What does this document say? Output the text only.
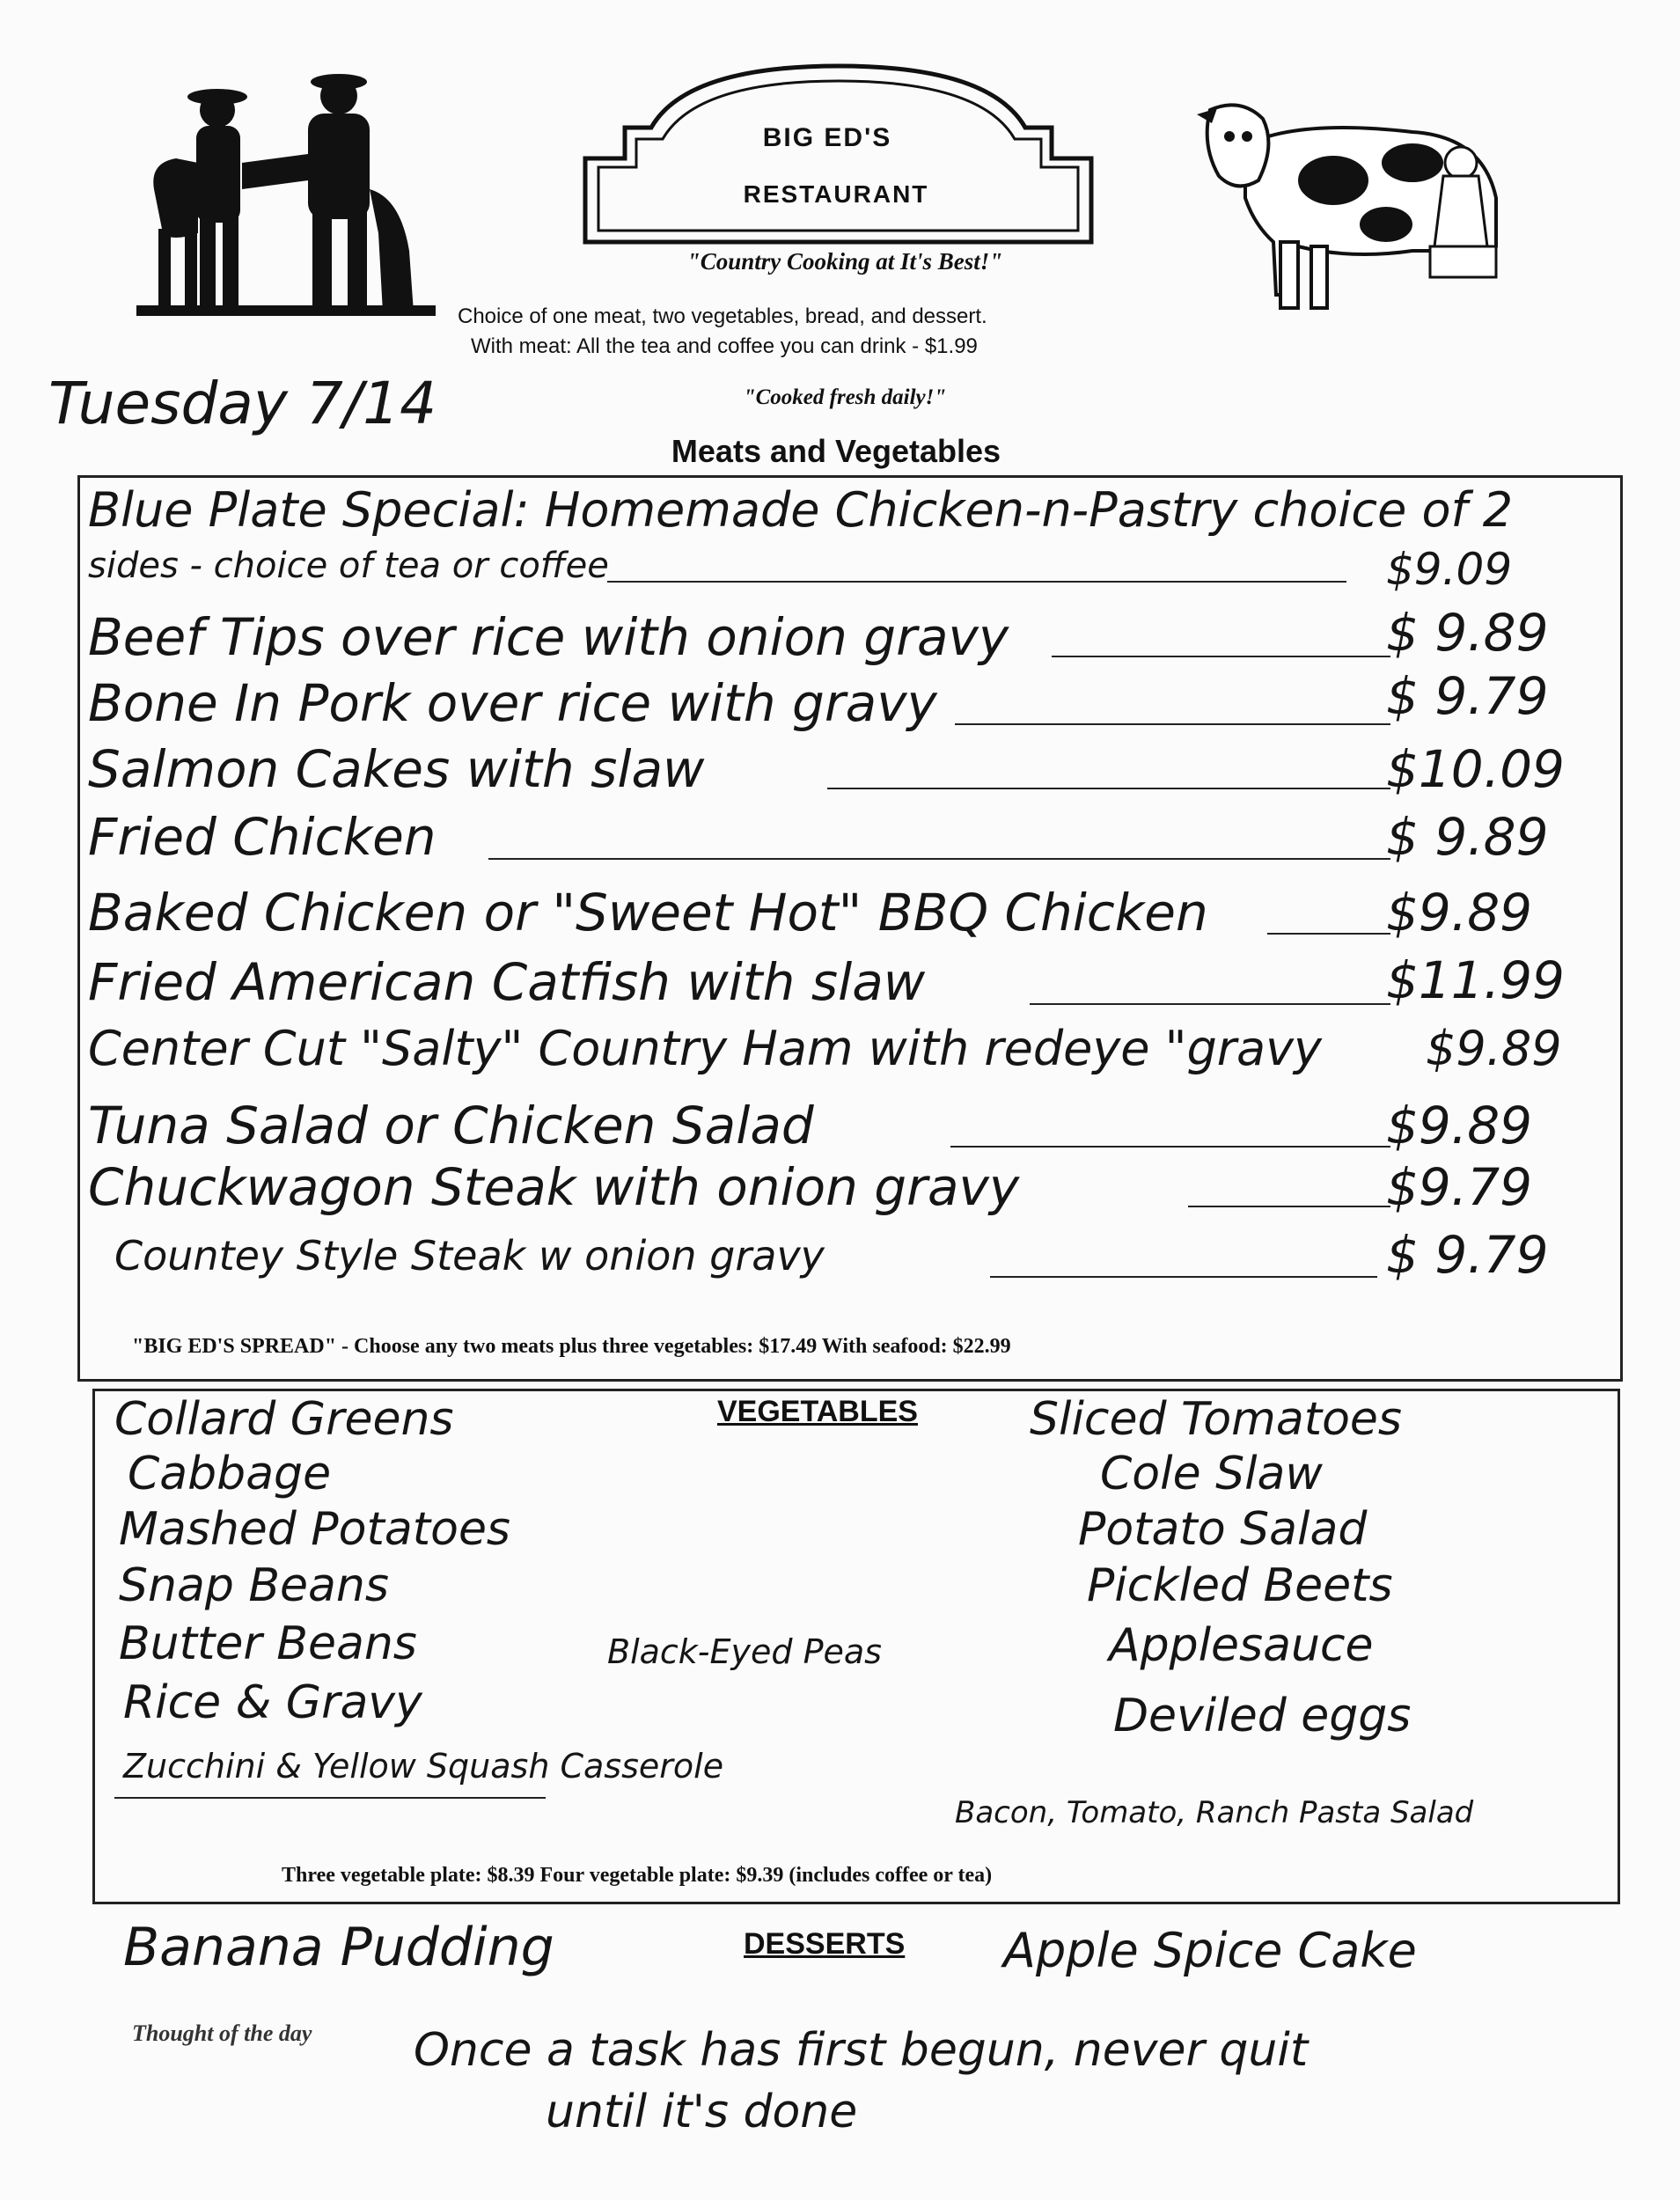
BIG ED'S
RESTAURANT
"Country Cooking at It's Best!"
Choice of one meat, two vegetables, bread, and dessert.
With meat: All the tea and coffee you can drink - $1.99
"Cooked fresh daily!"
Tuesday 7/14
Meats and Vegetables
Blue Plate Special: Homemade Chicken-n-Pastry choice of 2
sides - choice of tea or coffee	$9.09
Beef Tips over rice with onion gravy	$ 9.89
Bone In Pork over rice with gravy	$ 9.79
Salmon Cakes with slaw	$10.09
Fried Chicken	$ 9.89
Baked Chicken or "Sweet Hot" BBQ Chicken	$9.89
Fried American Catfish with slaw	$11.99
Center Cut "Salty" Country Ham with redeye "gravy $9.89
Tuna Salad or Chicken Salad	$9.89
Chuckwagon Steak with onion gravy	$9.79
Countey Style Steak w onion gravy	$ 9.79
"BIG ED'S SPREAD" - Choose any two meats plus three vegetables: $17.49 With seafood: $22.99
VEGETABLES
Collard Greens
Cabbage
Mashed Potatoes
Snap Beans
Butter Beans
Rice & Gravy
Zucchini & Yellow Squash Casserole
Black-Eyed Peas
Sliced Tomatoes
Cole Slaw
Potato Salad
Pickled Beets
Applesauce
Deviled eggs
Bacon, Tomato, Ranch Pasta Salad
Three vegetable plate: $8.39 Four vegetable plate: $9.39 (includes coffee or tea)
Banana Pudding	DESSERTS Apple Spice Cake
Thought of the day Once a task has first begun, never quit
until it's done
